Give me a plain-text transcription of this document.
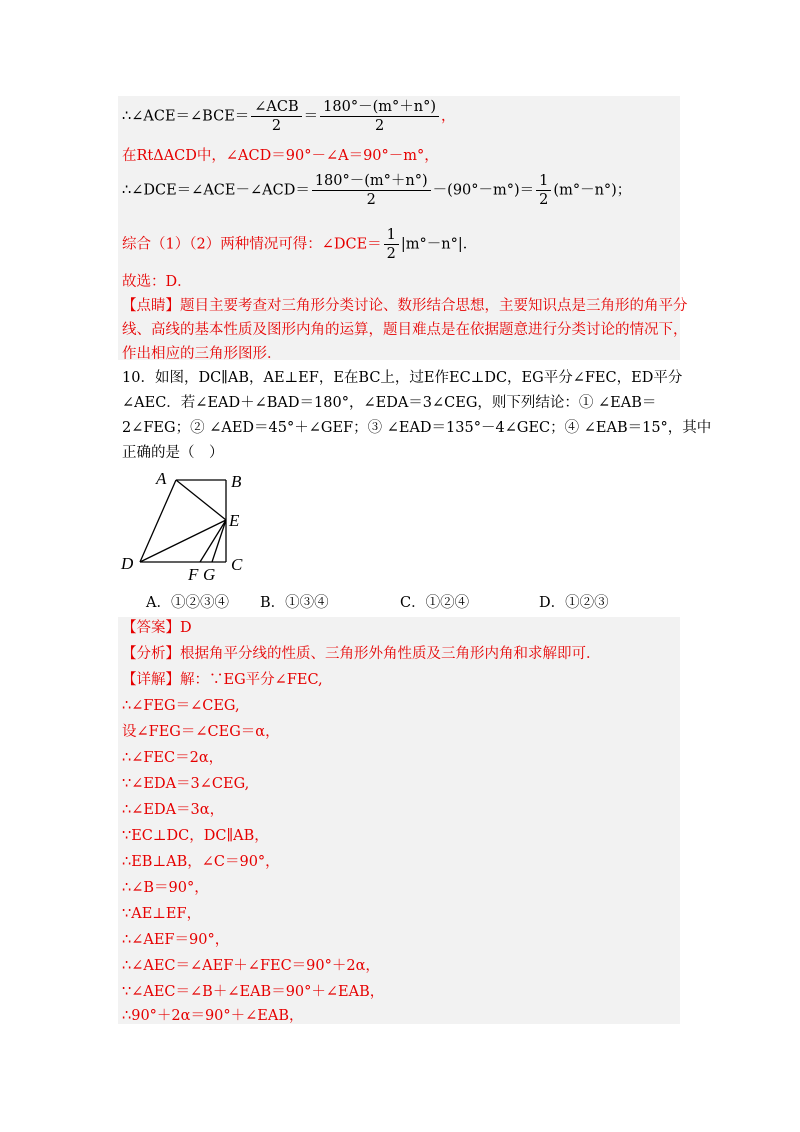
∴∠ACE＝∠BCE＝ $\frac{\text{∠ACB}}{2} = \frac{180^\circ-(m^\circ+n^\circ)}{2}$ ，
在RtΔACD中，∠ACD＝90°－∠A＝90°－m°，
∴∠DCE＝∠ACE－∠ACD＝ $\frac{180^\circ-(m^\circ+n^\circ)}{2} -(90^\circ-m^\circ)= \frac{1}{2} (m^\circ-n^\circ)$；
综合（1）（2）两种情况可得：∠DCE＝ $\frac{1}{2} |m^\circ-n^\circ|$．
故选：D．
【点睛】题目主要考查对三角形分类讨论、数形结合思想，主要知识点是三角形的角平分
线、高线的基本性质及图形内角的运算，题目难点是在依据题意进行分类讨论的情况下，
作出相应的三角形图形．
10．如图，DC∥AB，AE⊥EF，E在BC上，过E作EC⊥DC，EG平分∠FEC，ED平分
∠AEC．若∠EAD＋∠BAD＝180°，∠EDA＝3∠CEG，则下列结论：① ∠EAB＝
2∠FEG；② ∠AED＝45°＋∠GEF；③ ∠EAD＝135°－4∠GEC；④ ∠EAB＝15°，其中
正确的是（　）
A	B
E
D	C
F G
A．①②③④ B．①③④	C．①②④	D．①②③
【答案】D
【分析】根据角平分线的性质、三角形外角性质及三角形内角和求解即可．
【详解】解：∵EG平分∠FEC,
∴∠FEG＝∠CEG,
设∠FEG＝∠CEG＝α，
∴∠FEC＝2α，
∵∠EDA＝3∠CEG,
∴∠EDA＝3α，
∵EC⊥DC，DC∥AB，
∴EB⊥AB，∠C＝90°，
∴∠B＝90°，
∵AE⊥EF，
∴∠AEF＝90°，
∴∠AEC＝∠AEF＋∠FEC＝90°＋2α，
∵∠AEC＝∠B＋∠EAB＝90°＋∠EAB，
∴90°＋2α＝90°＋∠EAB，
